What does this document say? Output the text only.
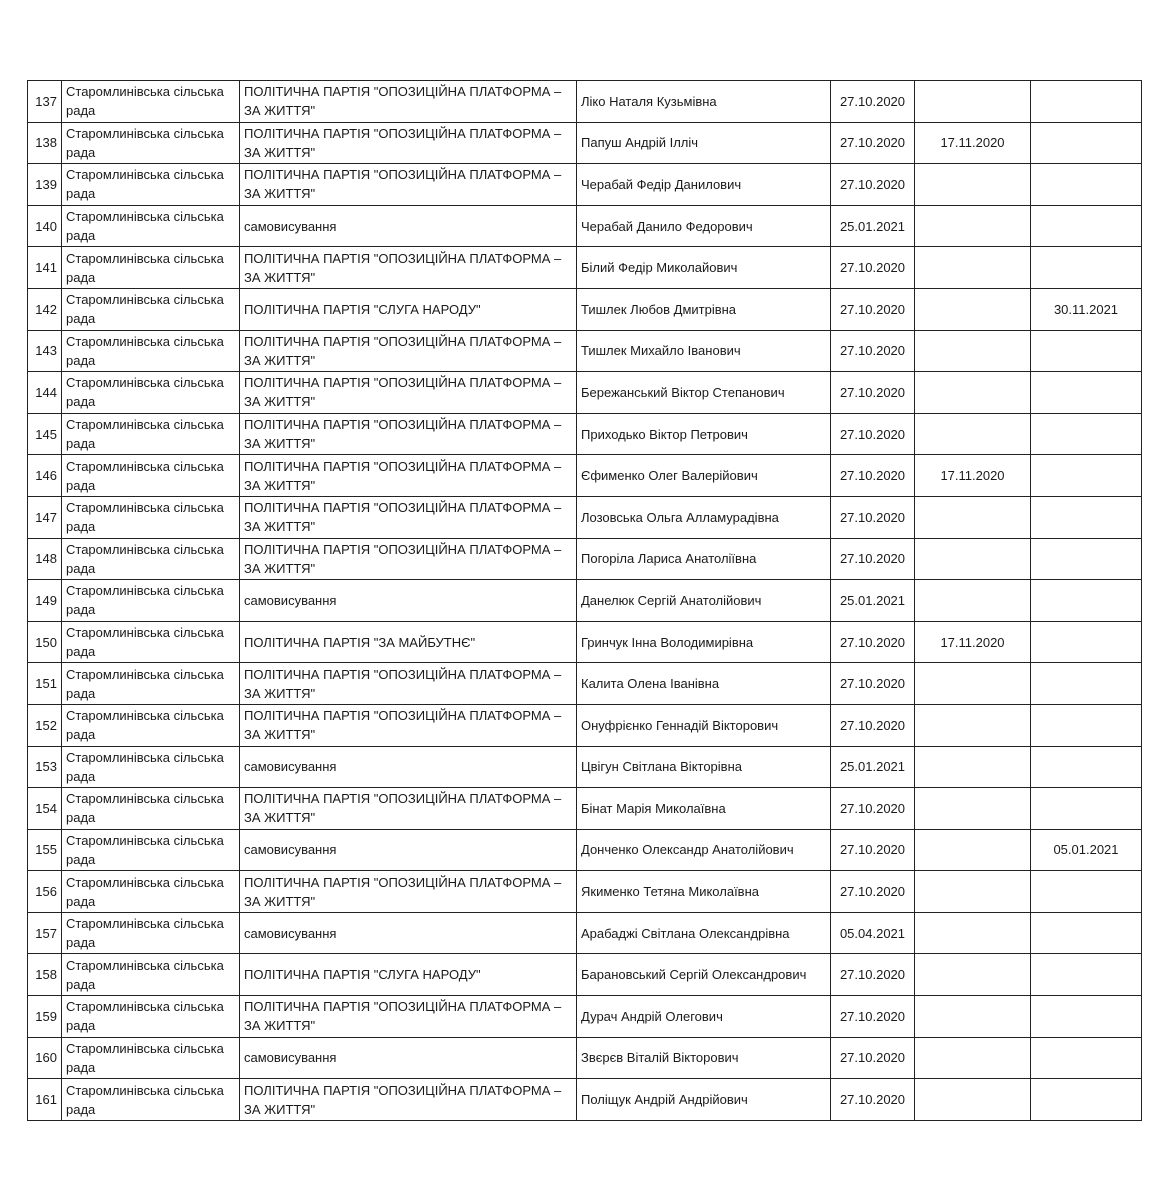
137	Старомлинівська сільська рада	ПОЛІТИЧНА ПАРТІЯ "ОПОЗИЦІЙНА ПЛАТФОРМА – ЗА ЖИТТЯ"	Ліко Наталя Кузьмівна	27.10.2020		
138	Старомлинівська сільська рада	ПОЛІТИЧНА ПАРТІЯ "ОПОЗИЦІЙНА ПЛАТФОРМА – ЗА ЖИТТЯ"	Папуш Андрій Ілліч	27.10.2020	17.11.2020	
139	Старомлинівська сільська рада	ПОЛІТИЧНА ПАРТІЯ "ОПОЗИЦІЙНА ПЛАТФОРМА – ЗА ЖИТТЯ"	Черабай Федір Данилович	27.10.2020		
140	Старомлинівська сільська рада	самовисування	Черабай Данило Федорович	25.01.2021		
141	Старомлинівська сільська рада	ПОЛІТИЧНА ПАРТІЯ "ОПОЗИЦІЙНА ПЛАТФОРМА – ЗА ЖИТТЯ"	Білий Федір Миколайович	27.10.2020		
142	Старомлинівська сільська рада	ПОЛІТИЧНА ПАРТІЯ "СЛУГА НАРОДУ"	Тишлек Любов Дмитрівна	27.10.2020		30.11.2021
143	Старомлинівська сільська рада	ПОЛІТИЧНА ПАРТІЯ "ОПОЗИЦІЙНА ПЛАТФОРМА – ЗА ЖИТТЯ"	Тишлек Михайло Іванович	27.10.2020		
144	Старомлинівська сільська рада	ПОЛІТИЧНА ПАРТІЯ "ОПОЗИЦІЙНА ПЛАТФОРМА – ЗА ЖИТТЯ"	Бережанський Віктор Степанович	27.10.2020		
145	Старомлинівська сільська рада	ПОЛІТИЧНА ПАРТІЯ "ОПОЗИЦІЙНА ПЛАТФОРМА – ЗА ЖИТТЯ"	Приходько Віктор Петрович	27.10.2020		
146	Старомлинівська сільська рада	ПОЛІТИЧНА ПАРТІЯ "ОПОЗИЦІЙНА ПЛАТФОРМА – ЗА ЖИТТЯ"	Єфименко Олег Валерійович	27.10.2020	17.11.2020	
147	Старомлинівська сільська рада	ПОЛІТИЧНА ПАРТІЯ "ОПОЗИЦІЙНА ПЛАТФОРМА – ЗА ЖИТТЯ"	Лозовська Ольга Алламурадівна	27.10.2020		
148	Старомлинівська сільська рада	ПОЛІТИЧНА ПАРТІЯ "ОПОЗИЦІЙНА ПЛАТФОРМА – ЗА ЖИТТЯ"	Погоріла Лариса Анатоліївна	27.10.2020		
149	Старомлинівська сільська рада	самовисування	Данелюк Сергій Анатолійович	25.01.2021		
150	Старомлинівська сільська рада	ПОЛІТИЧНА ПАРТІЯ "ЗА МАЙБУТНЄ"	Гринчук Інна Володимирівна	27.10.2020	17.11.2020	
151	Старомлинівська сільська рада	ПОЛІТИЧНА ПАРТІЯ "ОПОЗИЦІЙНА ПЛАТФОРМА – ЗА ЖИТТЯ"	Калита Олена Іванівна	27.10.2020		
152	Старомлинівська сільська рада	ПОЛІТИЧНА ПАРТІЯ "ОПОЗИЦІЙНА ПЛАТФОРМА – ЗА ЖИТТЯ"	Онуфрієнко Геннадій Вікторович	27.10.2020		
153	Старомлинівська сільська рада	самовисування	Цвігун Світлана Вікторівна	25.01.2021		
154	Старомлинівська сільська рада	ПОЛІТИЧНА ПАРТІЯ "ОПОЗИЦІЙНА ПЛАТФОРМА – ЗА ЖИТТЯ"	Бінат Марія Миколаївна	27.10.2020		
155	Старомлинівська сільська рада	самовисування	Донченко Олександр Анатолійович	27.10.2020		05.01.2021
156	Старомлинівська сільська рада	ПОЛІТИЧНА ПАРТІЯ "ОПОЗИЦІЙНА ПЛАТФОРМА – ЗА ЖИТТЯ"	Якименко Тетяна Миколаївна	27.10.2020		
157	Старомлинівська сільська рада	самовисування	Арабаджі Світлана Олександрівна	05.04.2021		
158	Старомлинівська сільська рада	ПОЛІТИЧНА ПАРТІЯ "СЛУГА НАРОДУ"	Барановський Сергій Олександрович	27.10.2020		
159	Старомлинівська сільська рада	ПОЛІТИЧНА ПАРТІЯ "ОПОЗИЦІЙНА ПЛАТФОРМА – ЗА ЖИТТЯ"	Дурач Андрій Олегович	27.10.2020		
160	Старомлинівська сільська рада	самовисування	Звєрєв Віталій Вікторович	27.10.2020		
161	Старомлинівська сільська рада	ПОЛІТИЧНА ПАРТІЯ "ОПОЗИЦІЙНА ПЛАТФОРМА – ЗА ЖИТТЯ"	Поліщук Андрій Андрійович	27.10.2020		
